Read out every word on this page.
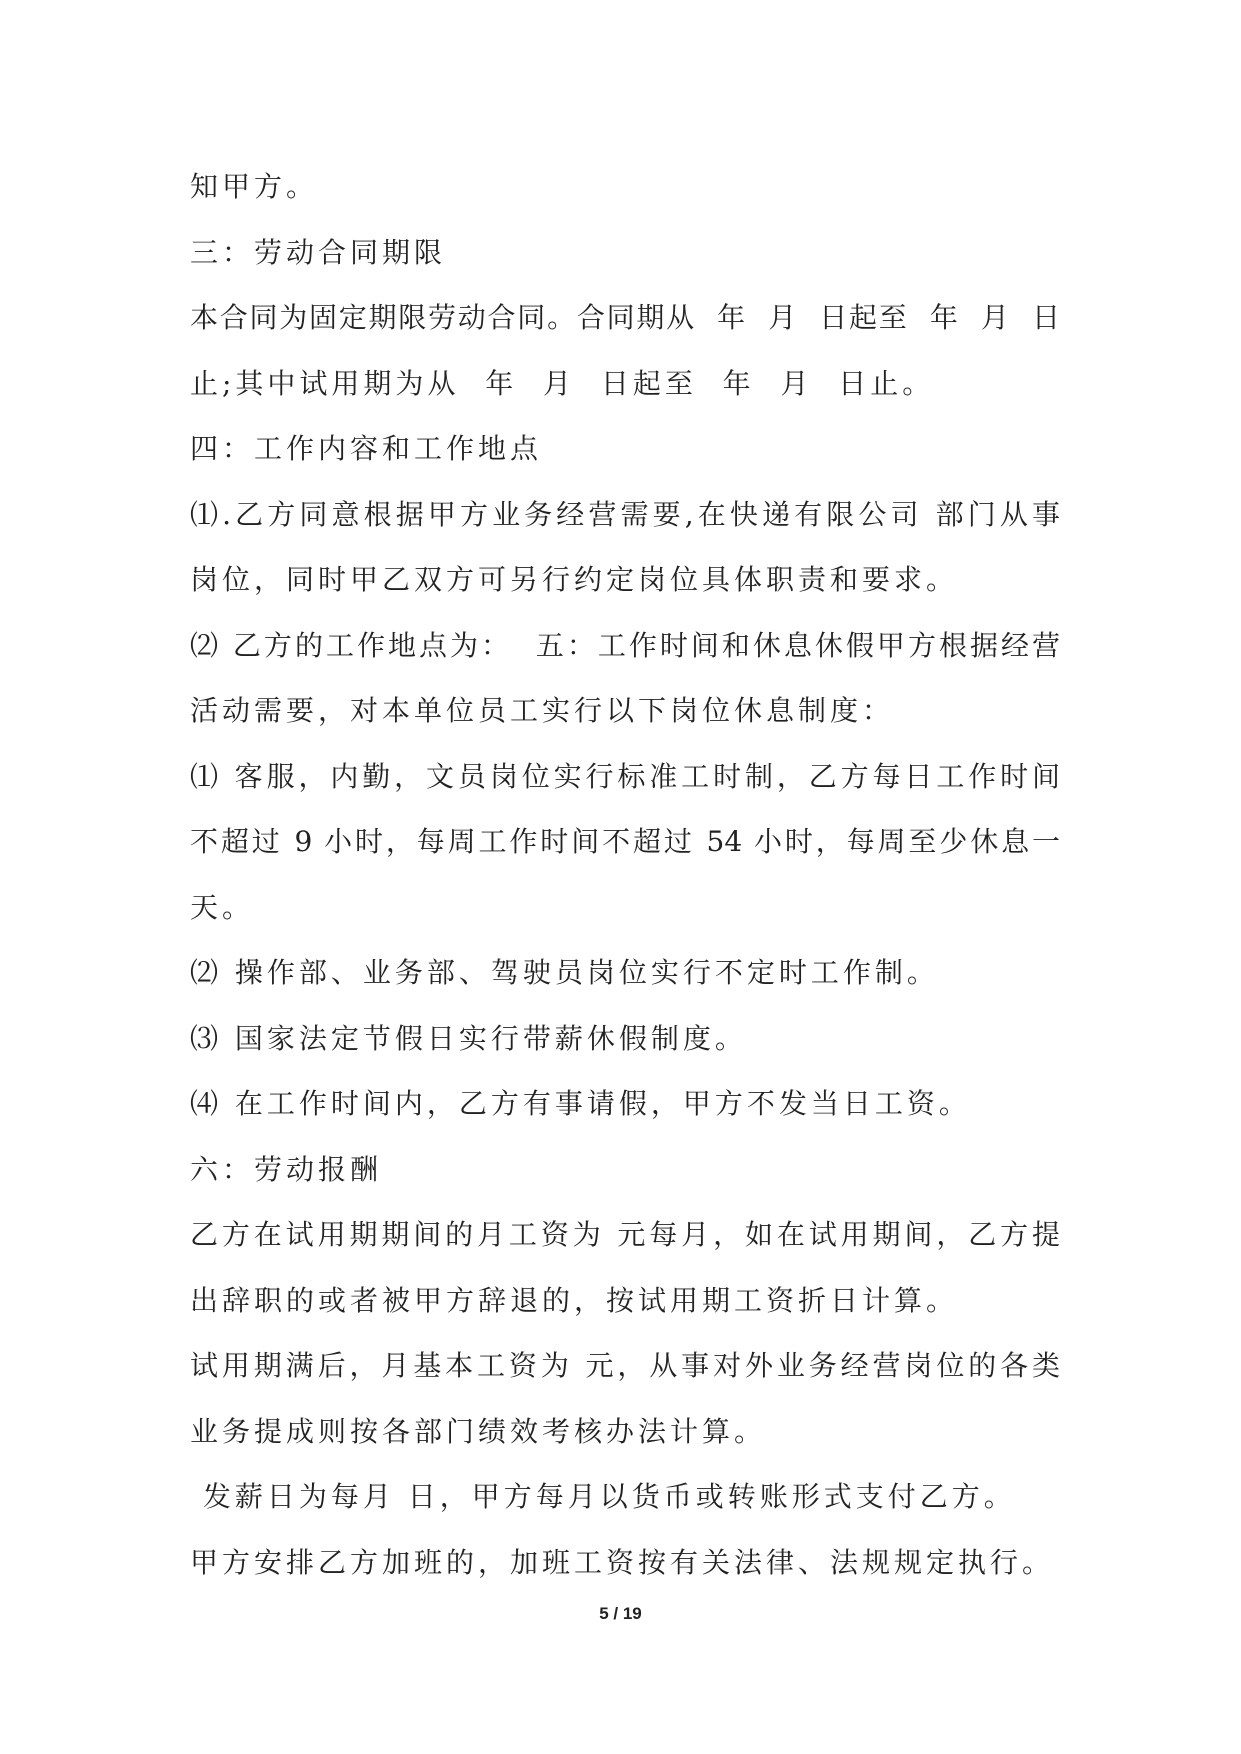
知甲方。
三：劳动合同期限
本合同为固定期限劳动合同。合同期从  年  月  日起至  年  月  日
止;其中试用期为从  年  月  日起至  年  月  日止。
四：工作内容和工作地点
⑴.乙方同意根据甲方业务经营需要,在快递有限公司 部门从事
岗位，同时甲乙双方可另行约定岗位具体职责和要求。
⑵ 乙方的工作地点为：  五：工作时间和休息休假甲方根据经营
活动需要，对本单位员工实行以下岗位休息制度：
⑴ 客服，内勤，文员岗位实行标准工时制，乙方每日工作时间
不超过 9 小时，每周工作时间不超过 54 小时，每周至少休息一
天。
⑵ 操作部、业务部、驾驶员岗位实行不定时工作制。
⑶ 国家法定节假日实行带薪休假制度。
⑷ 在工作时间内，乙方有事请假，甲方不发当日工资。
六：劳动报酬
乙方在试用期期间的月工资为 元每月，如在试用期间，乙方提
出辞职的或者被甲方辞退的，按试用期工资折日计算。
试用期满后，月基本工资为 元，从事对外业务经营岗位的各类
业务提成则按各部门绩效考核办法计算。
发薪日为每月 日，甲方每月以货币或转账形式支付乙方。
甲方安排乙方加班的，加班工资按有关法律、法规规定执行。
5 / 19
